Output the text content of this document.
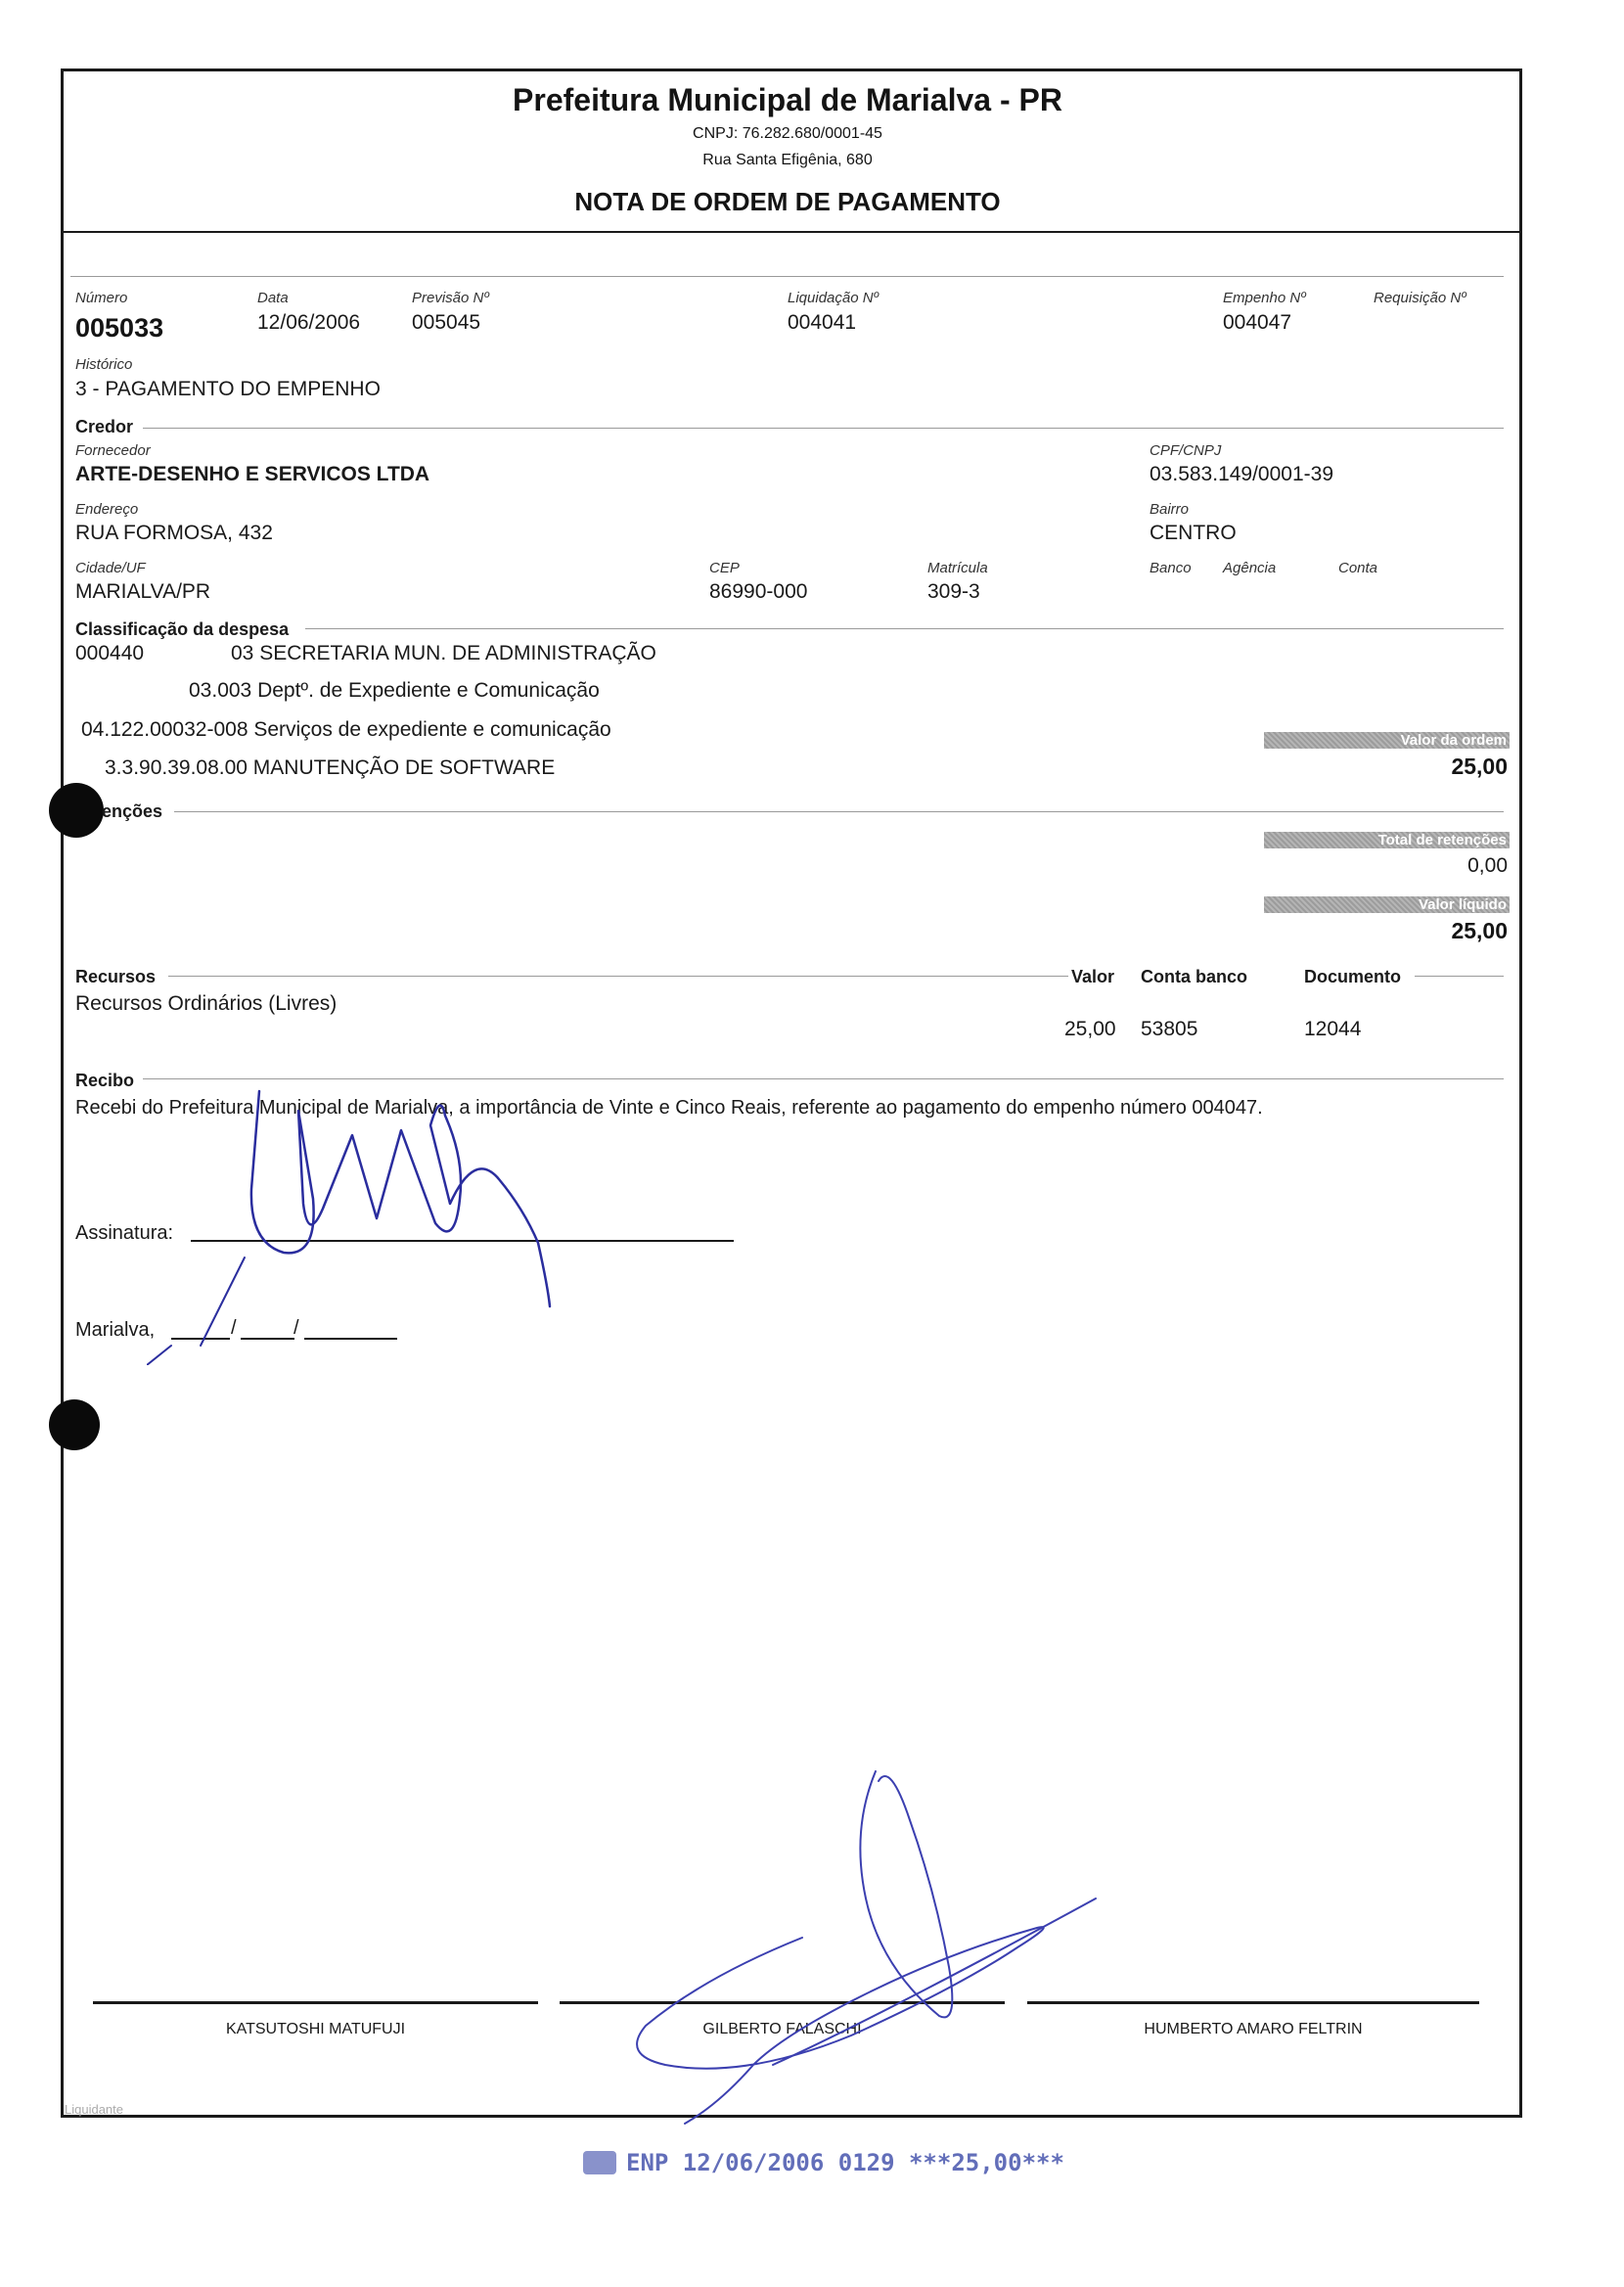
Prefeitura Municipal de Marialva - PR
CNPJ: 76.282.680/0001-45
Rua Santa Efigênia, 680
NOTA DE ORDEM DE PAGAMENTO
Número
005033
Data
12/06/2006
Previsão Nº
005045
Liquidação Nº
004041
Empenho Nº
004047
Requisição Nº
Histórico
3 - PAGAMENTO DO EMPENHO
Credor
Fornecedor
ARTE-DESENHO E SERVICOS LTDA
CPF/CNPJ
03.583.149/0001-39
Endereço
RUA FORMOSA, 432
Bairro
CENTRO
Cidade/UF
MARIALVA/PR
CEP
86990-000
Matrícula
309-3
Banco Agência	Conta
Classificação da despesa
000440	03 SECRETARIA MUN. DE ADMINISTRAÇÃO
03.003 Deptº. de Expediente e Comunicação
04.122.00032-008 Serviços de expediente e comunicação
3.3.90.39.08.00 MANUTENÇÃO DE SOFTWARE
Valor da ordem
25,00
enções
Total de retenções
0,00
Valor líquido
25,00
Recursos	Valor Conta banco	Documento
Recursos Ordinários (Livres)
25,00 53805	12044
Recibo
Recebi do Prefeitura Municipal de Marialva, a importância de Vinte e Cinco Reais, referente ao pagamento do empenho número 004047.
Assinatura:
Marialva,	/	/
KATSUTOSHI MATUFUJI	GILBERTO FALASCHI	HUMBERTO AMARO FELTRIN
Liquidante
ENP 12/06/2006 0129 ***25,00***
